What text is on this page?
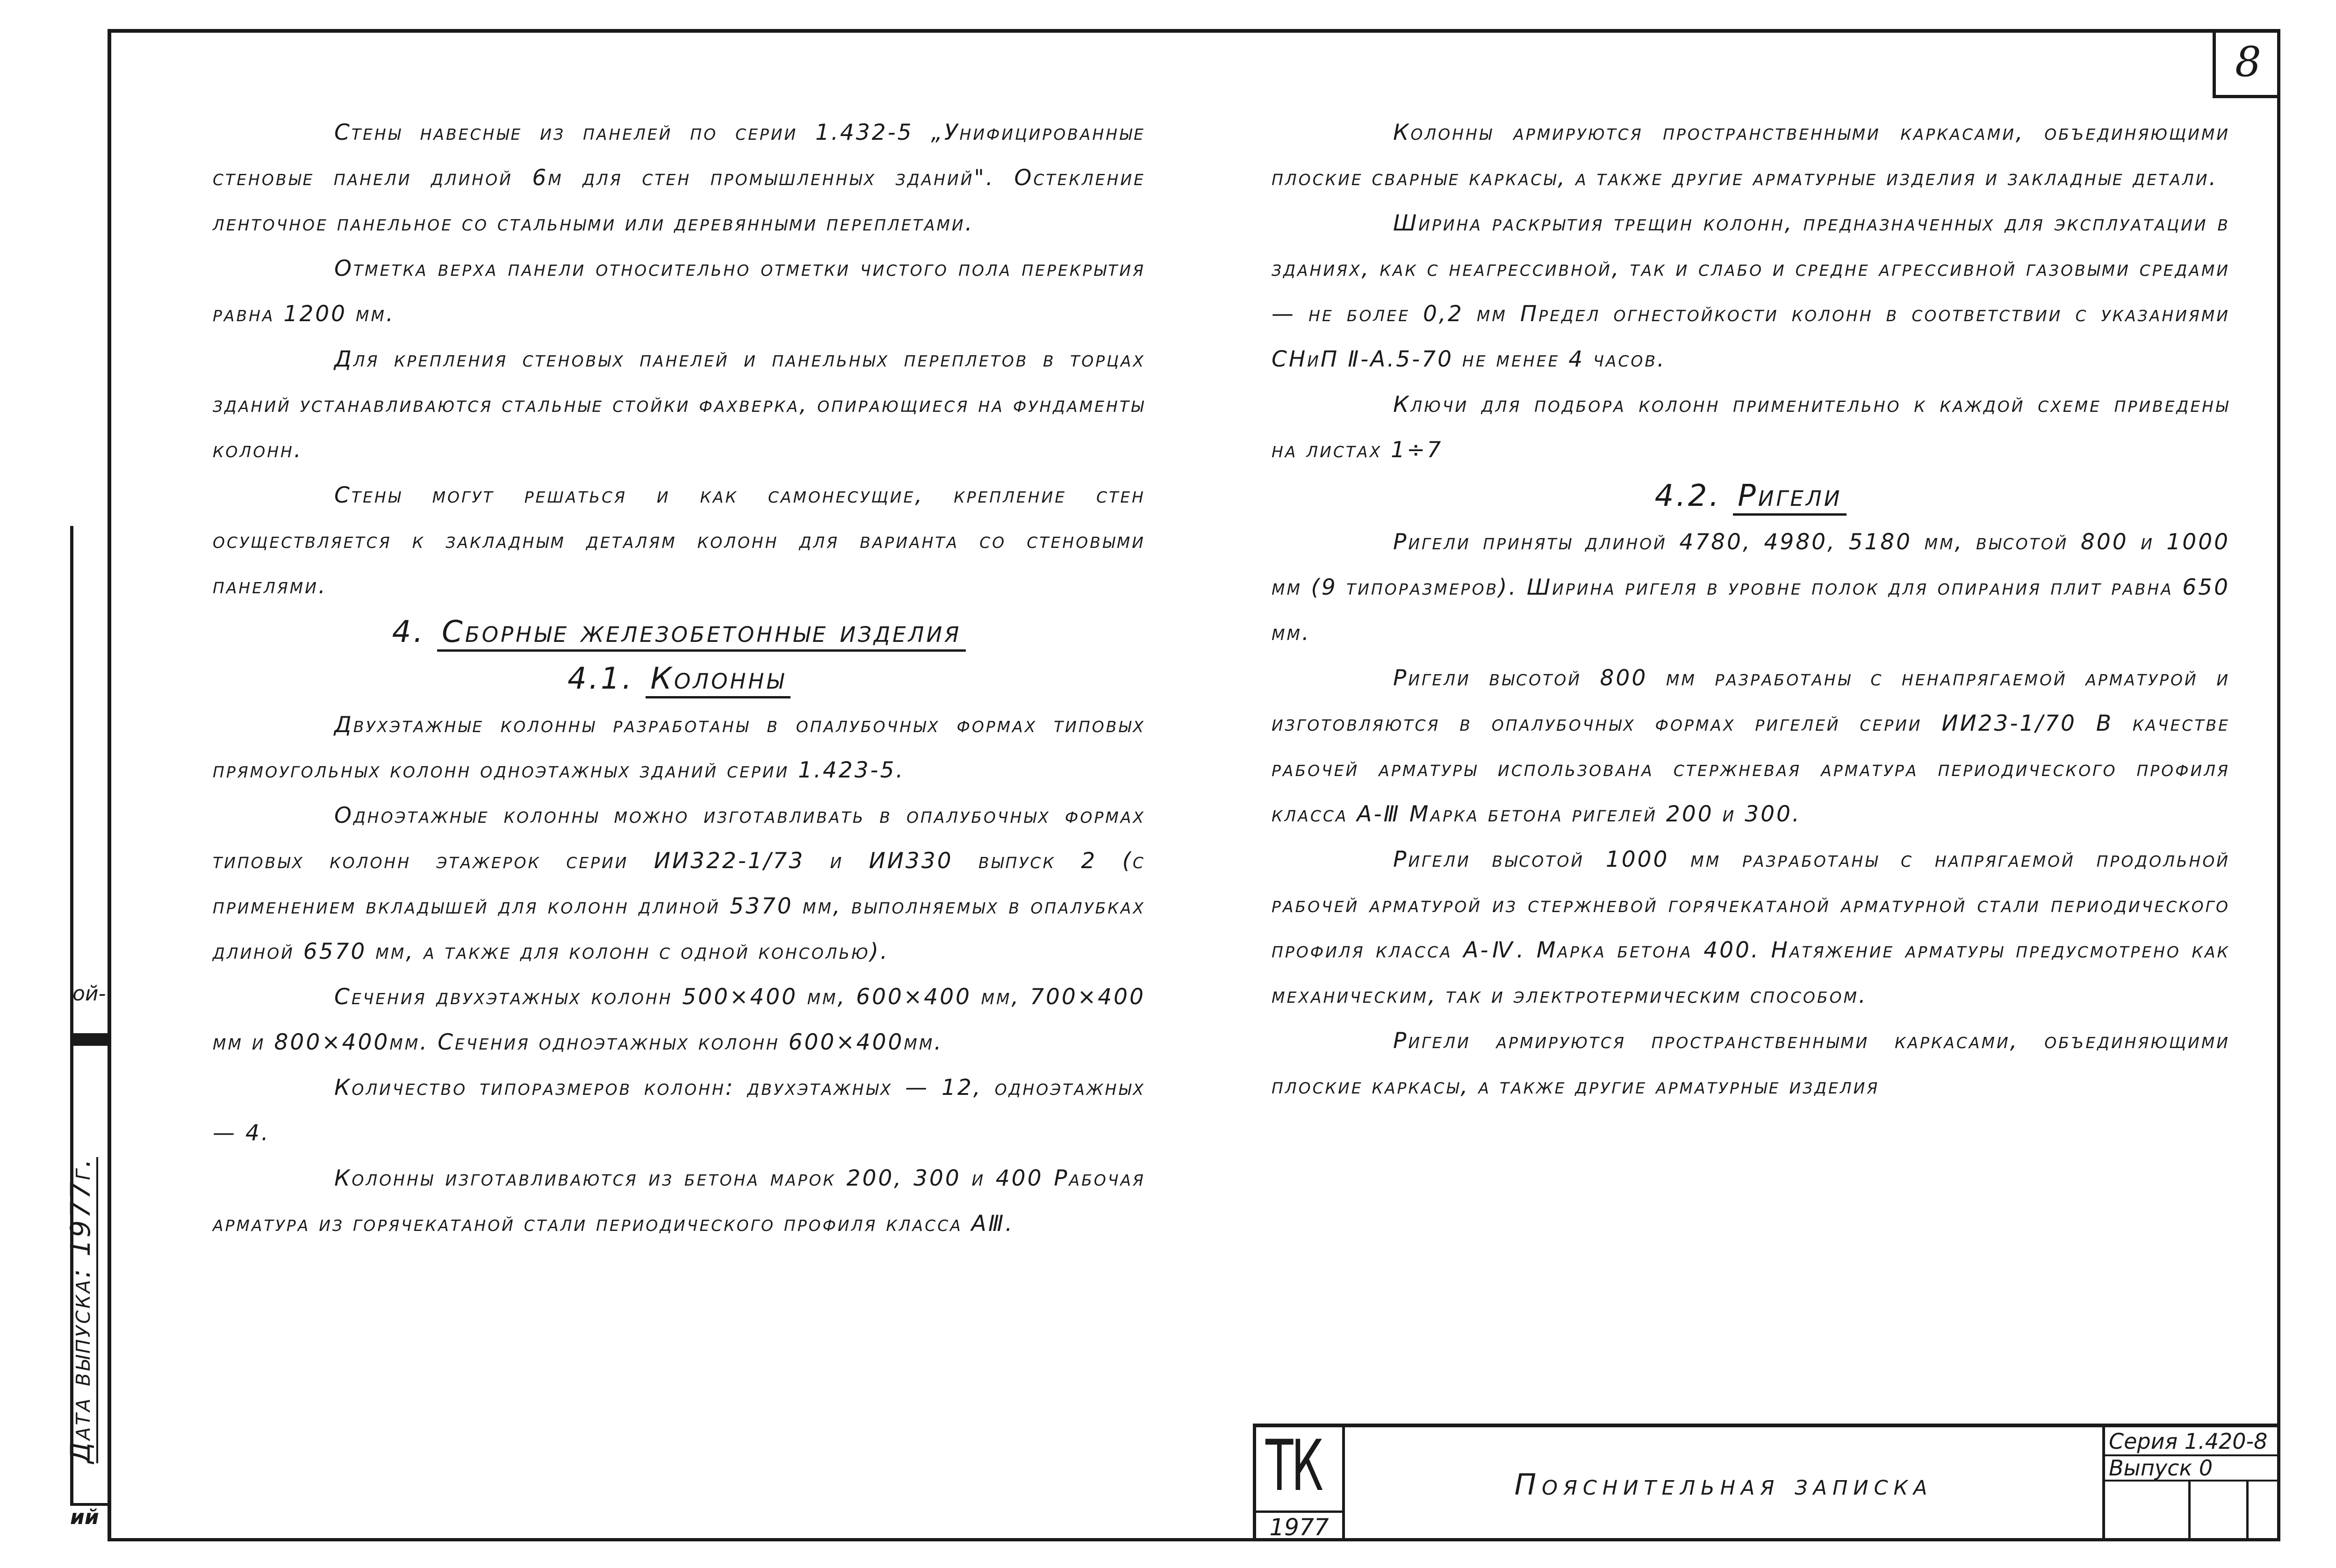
8
ой-
Дата выпуска: 1977г.
ий

Стены навесные из панелей по серии 1.432-5 „Унифицированные стеновые панели длиной 6м для стен промышленных зданий". Остекление ленточное панельное со стальными или деревянными переплетами.

Отметка верха панели относительно отметки чистого пола перекрытия равна 1200 мм.

Для крепления стеновых панелей и панельных переплетов в торцах зданий устанавливаются стальные стойки фахверка, опирающиеся на фундаменты колонн.

Стены могут решаться и как самонесущие, крепление стен осуществляется к закладным деталям колонн для варианта со стеновыми панелями.

4. Сборные железобетонные изделия
4.1. Колонны

Двухэтажные колонны разработаны в опалубочных формах типовых прямоугольных колонн одноэтажных зданий серии 1.423-5.

Одноэтажные колонны можно изготавливать в опалубочных формах типовых колонн этажерок серии ИИ322-1/73 и ИИ330 выпуск 2 (с применением вкладышей для колонн длиной 5370 мм, выполняемых в опалубках длиной 6570 мм, а также для колонн с одной консолью).

Сечения двухэтажных колонн 500×400 мм, 600×400 мм, 700×400 мм и 800×400мм. Сечения одноэтажных колонн 600×400мм.

Количество типоразмеров колонн: двухэтажных — 12, одноэтажных — 4.

Колонны изготавливаются из бетона марок 200, 300 и 400 Рабочая арматура из горячекатаной стали периодического профиля класса АⅢ.

Колонны армируются пространственными каркасами, объединяющими плоские сварные каркасы, а также другие арматурные изделия и закладные детали.

Ширина раскрытия трещин колонн, предназначенных для эксплуатации в зданиях, как с неагрессивной, так и слабо и средне агрессивной газовыми средами — не более 0,2 мм Предел огнестойкости колонн в соответствии с указаниями СНиП Ⅱ-А.5-70 не менее 4 часов.

Ключи для подбора колонн применительно к каждой схеме приведены на листах 1÷7

4.2. Ригели

Ригели приняты длиной 4780, 4980, 5180 мм, высотой 800 и 1000 мм (9 типоразмеров). Ширина ригеля в уровне полок для опирания плит равна 650 мм.

Ригели высотой 800 мм разработаны с ненапрягаемой арматурой и изготовляются в опалубочных формах ригелей серии ИИ23-1/70 В качестве рабочей арматуры использована стержневая арматура периодического профиля класса А-Ⅲ Марка бетона ригелей 200 и 300.

Ригели высотой 1000 мм разработаны с напрягаемой продольной рабочей арматурой из стержневой горячекатаной арматурной стали периодического профиля класса А-Ⅳ. Марка бетона 400. Натяжение арматуры предусмотрено как механическим, так и электротермическим способом.

Ригели армируются пространственными каркасами, объединяющими плоские каркасы, а также другие арматурные изделия

ТК
1977
Пояснительная записка
Серия 1.420-8
Выпуск 0
